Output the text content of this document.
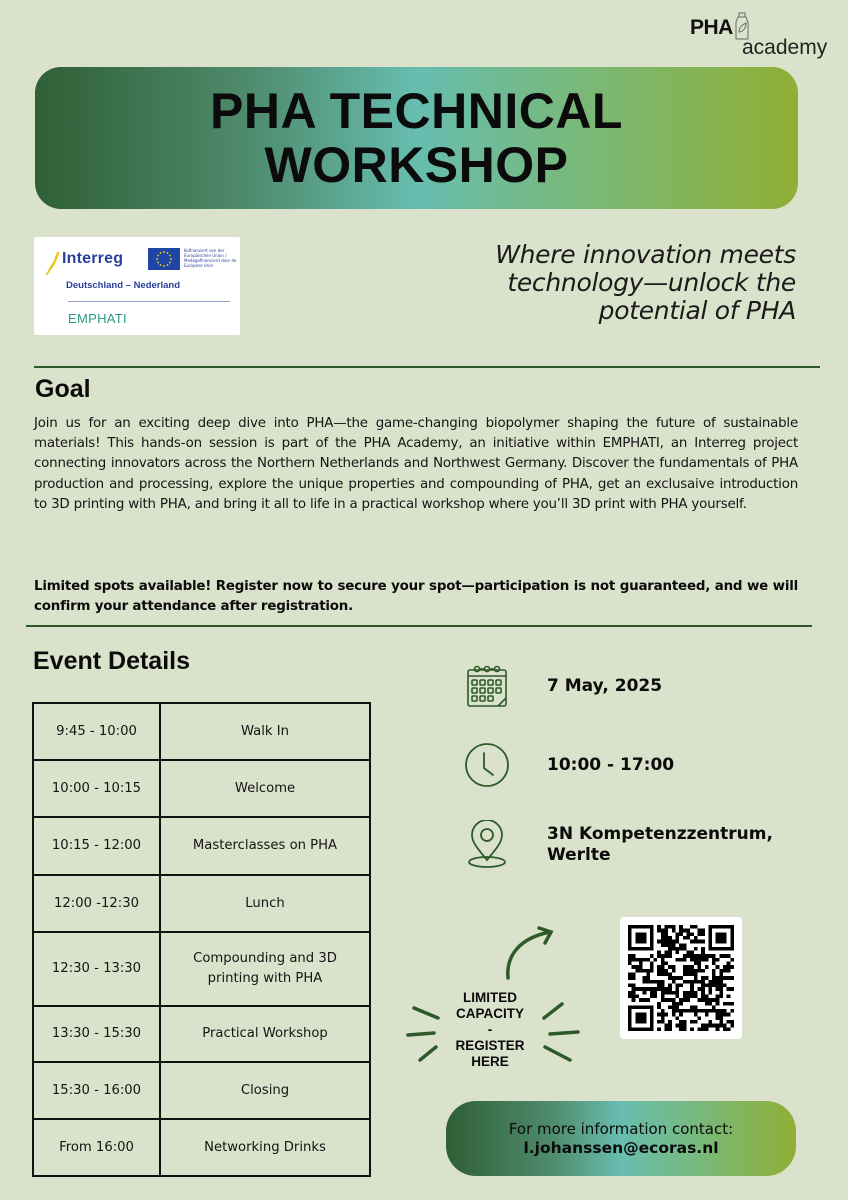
PHA
academy
PHA TECHNICAL
WORKSHOP
Interreg	Kofinanziert von der Europäischen Union / Medegefinancierd door de Europese Unie
Deutschland – Nederland
EMPHATI
Where innovation meets technology—unlock the potential of PHA
Goal

Join us for an exciting deep dive into PHA—the game-changing biopolymer shaping the future of sustainable materials! This hands-on session is part of the PHA Academy, an initiative within EMPHATI, an Interreg project connecting innovators across the Northern Netherlands and Northwest Germany. Discover the fundamentals of PHA production and processing, explore the unique properties and compounding of PHA, get an exclusaive introduction to 3D printing with PHA, and bring it all to life in a practical workshop where you’ll 3D print with PHA yourself.

Limited spots available! Register now to secure your spot—participation is not guaranteed, and we will confirm your attendance after registration.

Event Details
9:45 - 10:00	Walk In
10:00 - 10:15	Welcome
10:15 - 12:00	Masterclasses on PHA
12:00 -12:30	Lunch
12:30 - 13:30	Compounding and 3D printing with PHA
13:30 - 15:30	Practical Workshop
15:30 - 16:00	Closing
From 16:00	Networking Drinks
7 May, 2025
10:00 - 17:00
3N Kompetenzzentrum,
Werlte
LIMITED
CAPACITY
-
REGISTER
HERE
For more information contact:
l.johanssen@ecoras.nl
